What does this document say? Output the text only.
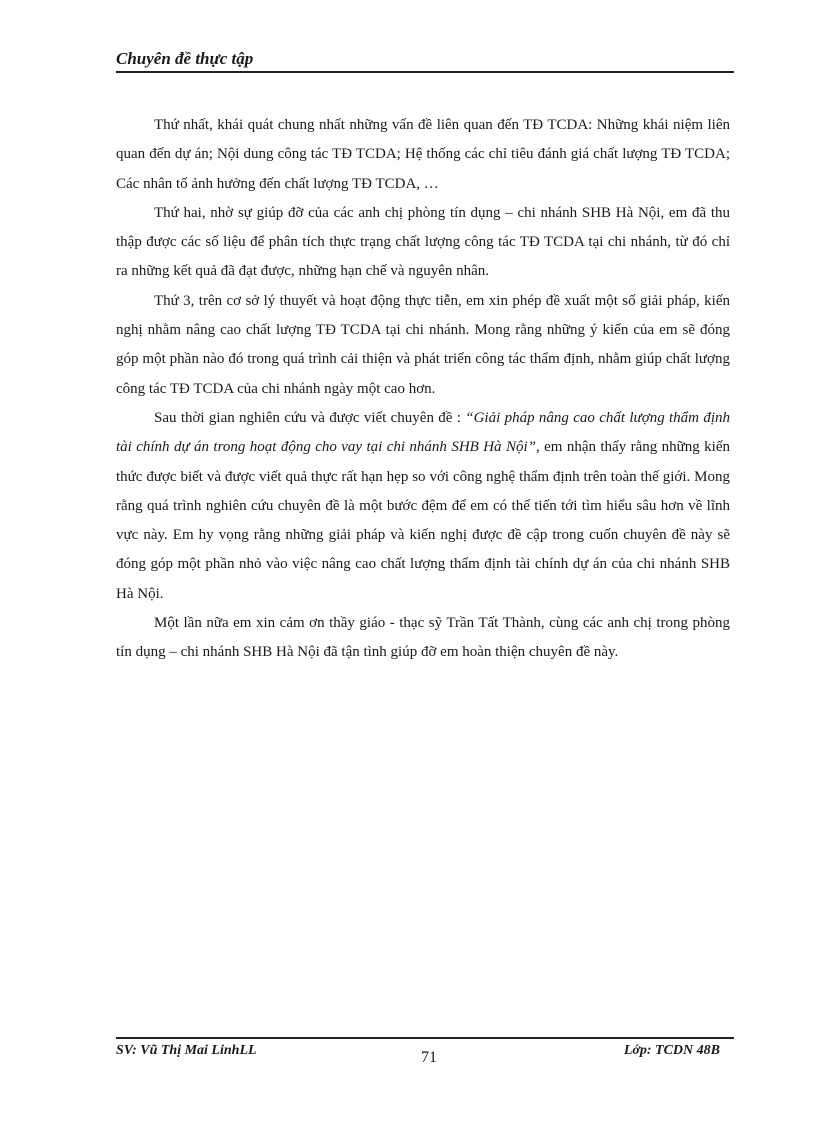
Chuyên đề thực tập

Thứ nhất, khái quát chung nhất những vấn đề liên quan đến TĐ TCDA: Những khái niệm liên quan đến dự án; Nội dung công tác TĐ TCDA; Hệ thống các chỉ tiêu đánh giá chất lượng TĐ TCDA; Các nhân tố ảnh hưởng đến chất lượng TĐ TCDA, …

Thứ hai, nhờ sự giúp đỡ của các anh chị phòng tín dụng – chi nhánh SHB Hà Nội, em đã thu thập được các số liệu để phân tích thực trạng chất lượng công tác TĐ TCDA tại chi nhánh, từ đó chỉ ra những kết quả đã đạt được, những hạn chế và nguyên nhân.

Thứ 3, trên cơ sở lý thuyết và hoạt động thực tiễn, em xin phép đề xuất một số giải pháp, kiến nghị nhằm nâng cao chất lượng TĐ TCDA tại chi nhánh. Mong rằng những ý kiến của em sẽ đóng góp một phần nào đó trong quá trình cải thiện và phát triển công tác thẩm định, nhằm giúp chất lượng công tác TĐ TCDA của chi nhánh ngày một cao hơn.

Sau thời gian nghiên cứu và được viết chuyên đề : “Giải pháp nâng cao chất lượng thẩm định tài chính dự án trong hoạt động cho vay tại chi nhánh SHB Hà Nội”, em nhận thấy rằng những kiến thức được biết và được viết quả thực rất hạn hẹp so với công nghệ thẩm định trên toàn thế giới. Mong rằng quá trình nghiên cứu chuyên đề là một bước đệm để em có thể tiến tới tìm hiểu sâu hơn về lĩnh vực này. Em hy vọng rằng những giải pháp và kiến nghị được đề cập trong cuốn chuyên đề này sẽ đóng góp một phần nhỏ vào việc nâng cao chất lượng thẩm định tài chính dự án của chi nhánh SHB Hà Nội.

Một lần nữa em xin cảm ơn thầy giáo - thạc sỹ Trần Tất Thành, cùng các anh chị trong phòng tín dụng – chi nhánh SHB Hà Nội đã tận tình giúp đỡ em hoàn thiện chuyên đề này.

SV: Vũ Thị Mai LinhLL	71	Lớp: TCDN 48B
